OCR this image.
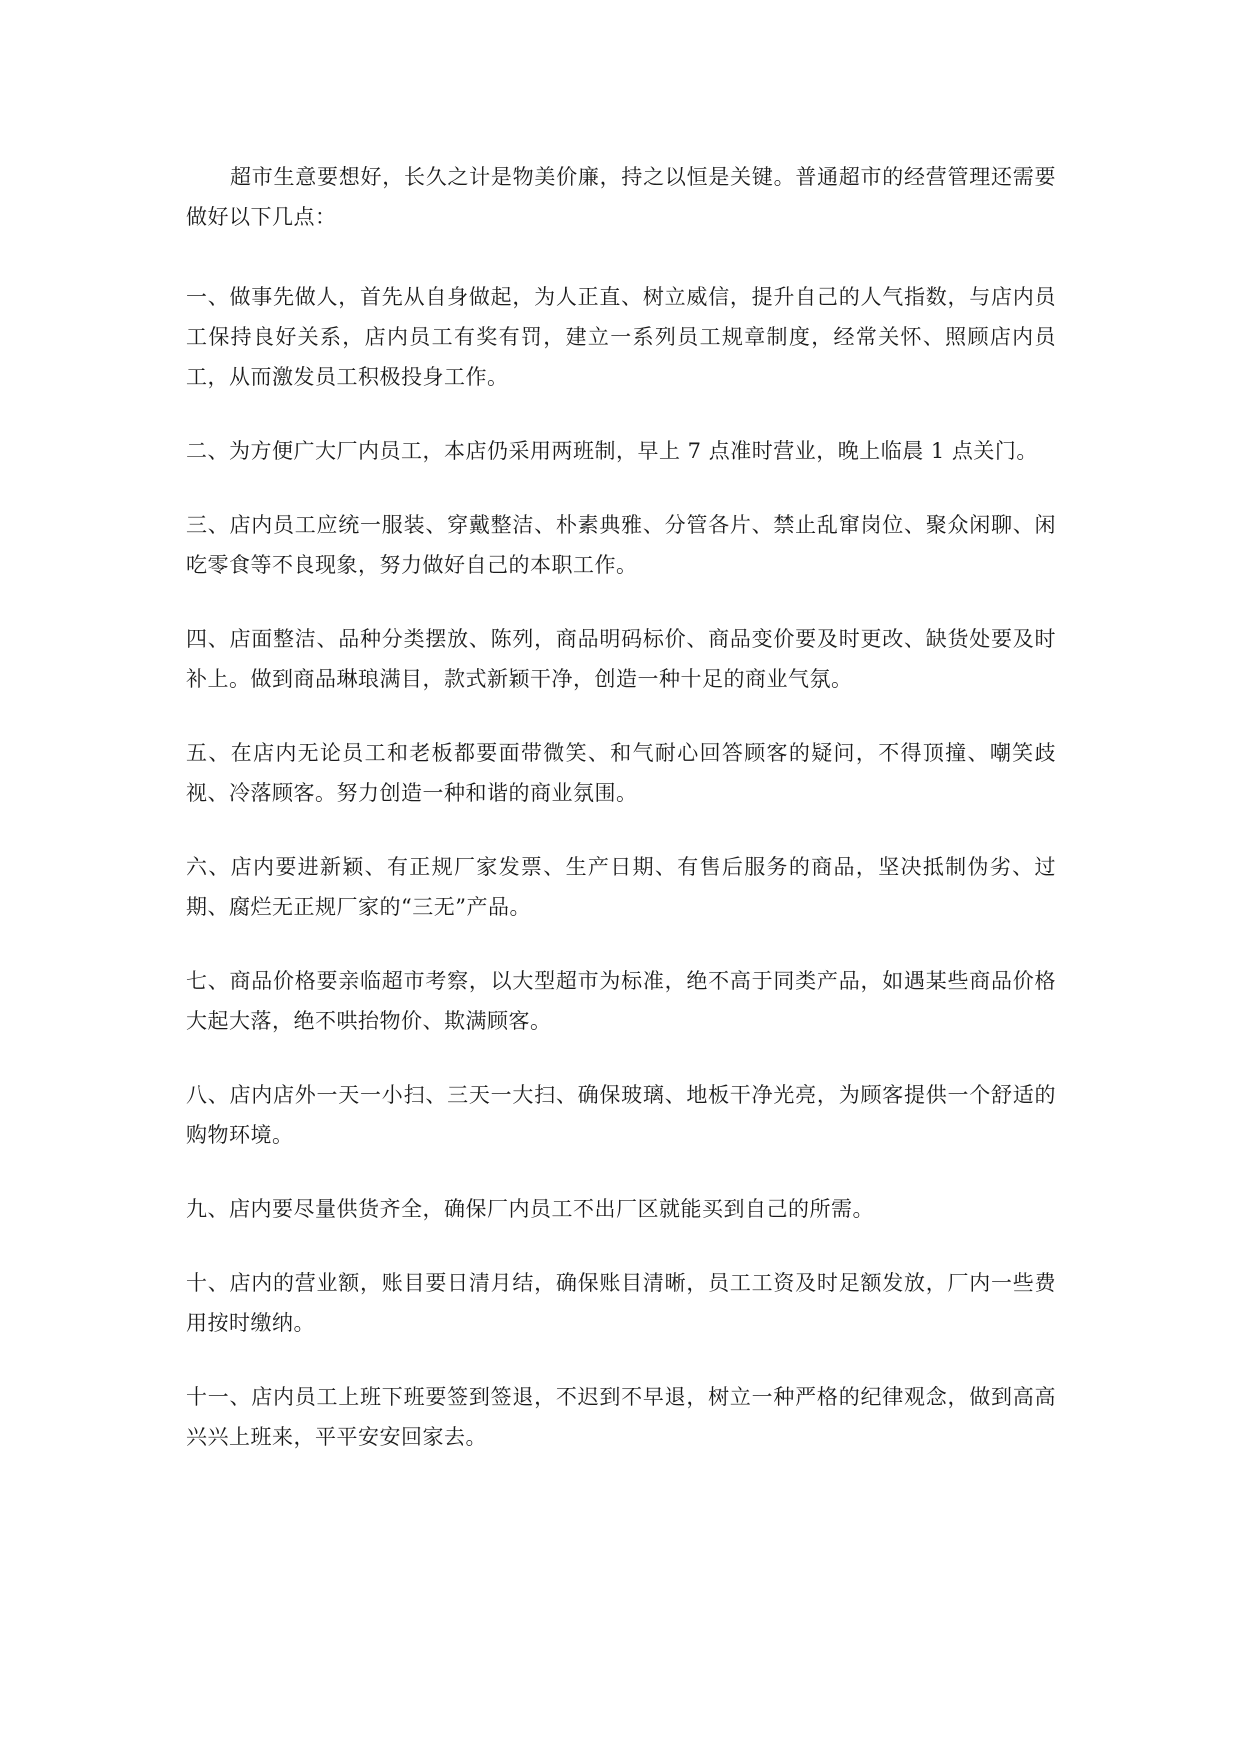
超市生意要想好，长久之计是物美价廉，持之以恒是关键。普通超市的经营管理还需要做好以下几点：

一、做事先做人，首先从自身做起，为人正直、树立威信，提升自己的人气指数，与店内员工保持良好关系，店内员工有奖有罚，建立一系列员工规章制度，经常关怀、照顾店内员工，从而激发员工积极投身工作。

二、为方便广大厂内员工，本店仍采用两班制，早上 7 点准时营业，晚上临晨 1 点关门。

三、店内员工应统一服装、穿戴整洁、朴素典雅、分管各片、禁止乱窜岗位、聚众闲聊、闲吃零食等不良现象，努力做好自己的本职工作。

四、店面整洁、品种分类摆放、陈列，商品明码标价、商品变价要及时更改、缺货处要及时补上。做到商品琳琅满目，款式新颖干净，创造一种十足的商业气氛。

五、在店内无论员工和老板都要面带微笑、和气耐心回答顾客的疑问，不得顶撞、嘲笑歧视、冷落顾客。努力创造一种和谐的商业氛围。

六、店内要进新颖、有正规厂家发票、生产日期、有售后服务的商品，坚决抵制伪劣、过期、腐烂无正规厂家的“三无”产品。

七、商品价格要亲临超市考察，以大型超市为标准，绝不高于同类产品，如遇某些商品价格大起大落，绝不哄抬物价、欺满顾客。

八、店内店外一天一小扫、三天一大扫、确保玻璃、地板干净光亮，为顾客提供一个舒适的购物环境。

九、店内要尽量供货齐全，确保厂内员工不出厂区就能买到自己的所需。

十、店内的营业额，账目要日清月结，确保账目清晰，员工工资及时足额发放，厂内一些费用按时缴纳。

十一、店内员工上班下班要签到签退，不迟到不早退，树立一种严格的纪律观念，做到高高兴兴上班来，平平安安回家去。
